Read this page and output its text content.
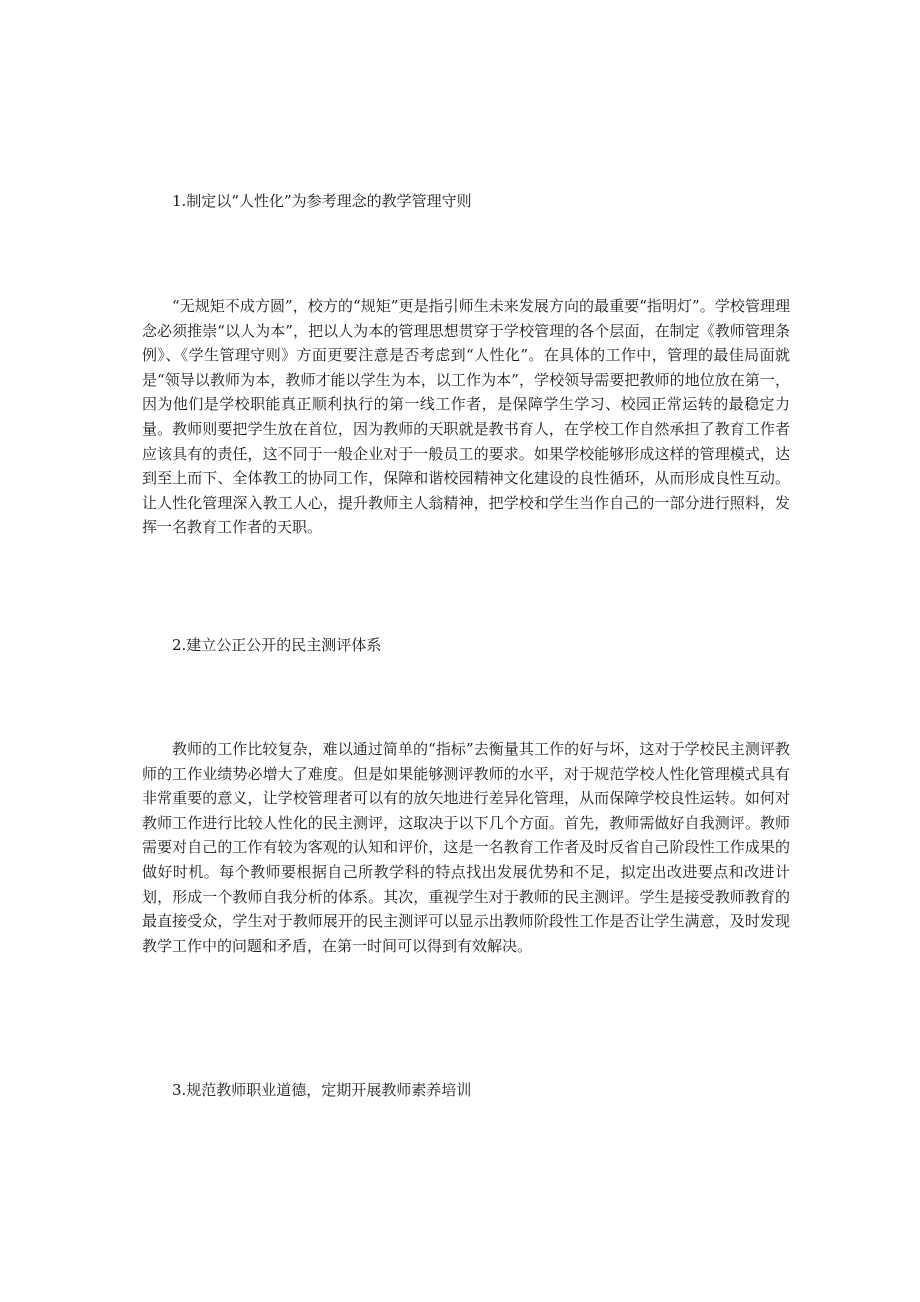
1.制定以“人性化”为参考理念的教学管理守则

“无规矩不成方圆”，校方的“规矩”更是指引师生未来发展方向的最重要“指明灯”。学校管理理念必须推崇“以人为本”，把以人为本的管理思想贯穿于学校管理的各个层面，在制定《教师管理条例》、《学生管理守则》方面更要注意是否考虑到“人性化”。在具体的工作中，管理的最佳局面就是“领导以教师为本，教师才能以学生为本，以工作为本”，学校领导需要把教师的地位放在第一，因为他们是学校职能真正顺利执行的第一线工作者，是保障学生学习、校园正常运转的最稳定力量。教师则要把学生放在首位，因为教师的天职就是教书育人，在学校工作自然承担了教育工作者应该具有的责任，这不同于一般企业对于一般员工的要求。如果学校能够形成这样的管理模式，达到至上而下、全体教工的协同工作，保障和谐校园精神文化建设的良性循环，从而形成良性互动。让人性化管理深入教工人心，提升教师主人翁精神，把学校和学生当作自己的一部分进行照料，发挥一名教育工作者的天职。

2.建立公正公开的民主测评体系

教师的工作比较复杂，难以通过简单的“指标”去衡量其工作的好与坏，这对于学校民主测评教师的工作业绩势必增大了难度。但是如果能够测评教师的水平，对于规范学校人性化管理模式具有非常重要的意义，让学校管理者可以有的放矢地进行差异化管理，从而保障学校良性运转。如何对教师工作进行比较人性化的民主测评，这取决于以下几个方面。首先，教师需做好自我测评。教师需要对自己的工作有较为客观的认知和评价，这是一名教育工作者及时反省自己阶段性工作成果的做好时机。每个教师要根据自己所教学科的特点找出发展优势和不足，拟定出改进要点和改进计划，形成一个教师自我分析的体系。其次，重视学生对于教师的民主测评。学生是接受教师教育的最直接受众，学生对于教师展开的民主测评可以显示出教师阶段性工作是否让学生满意，及时发现教学工作中的问题和矛盾，在第一时间可以得到有效解决。

3.规范教师职业道德，定期开展教师素养培训
